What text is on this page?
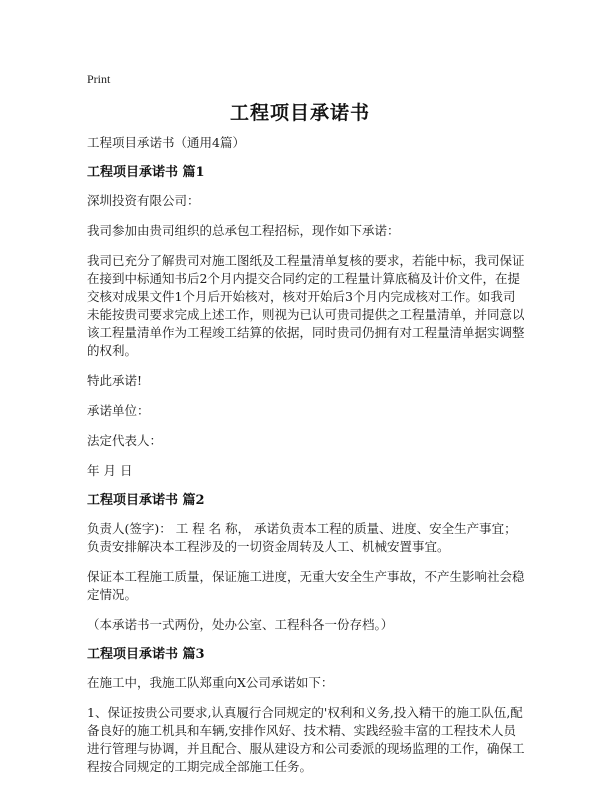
Print
工程项目承诺书

工程项目承诺书（通用4篇）

工程项目承诺书 篇1

深圳投资有限公司：

我司参加由贵司组织的总承包工程招标，现作如下承诺：

我司已充分了解贵司对施工图纸及工程量清单复核的要求，若能中标，我司保证在接到中标通知书后2个月内提交合同约定的工程量计算底稿及计价文件，在提交核对成果文件1个月后开始核对，核对开始后3个月内完成核对工作。如我司未能按贵司要求完成上述工作，则视为已认可贵司提供之工程量清单，并同意以该工程量清单作为工程竣工结算的依据，同时贵司仍拥有对工程量清单据实调整的权利。

特此承诺!

承诺单位：

法定代表人：

年 月 日

工程项目承诺书 篇2

负责人(签字)： 工 程 名 称， 承诺负责本工程的质量、进度、安全生产事宜；负责安排解决本工程涉及的一切资金周转及人工、机械安置事宜。

保证本工程施工质量，保证施工进度，无重大安全生产事故，不产生影响社会稳定情况。

（本承诺书一式两份，处办公室、工程科各一份存档。）

工程项目承诺书 篇3

在施工中，我施工队郑重向X公司承诺如下：

1、保证按贵公司要求,认真履行合同规定的'权利和义务,投入精干的施工队伍,配备良好的施工机具和车辆,安排作风好、技术精、实践经验丰富的工程技术人员进行管理与协调，并且配合、服从建设方和公司委派的现场监理的工作，确保工程按合同规定的工期完成全部施工任务。
